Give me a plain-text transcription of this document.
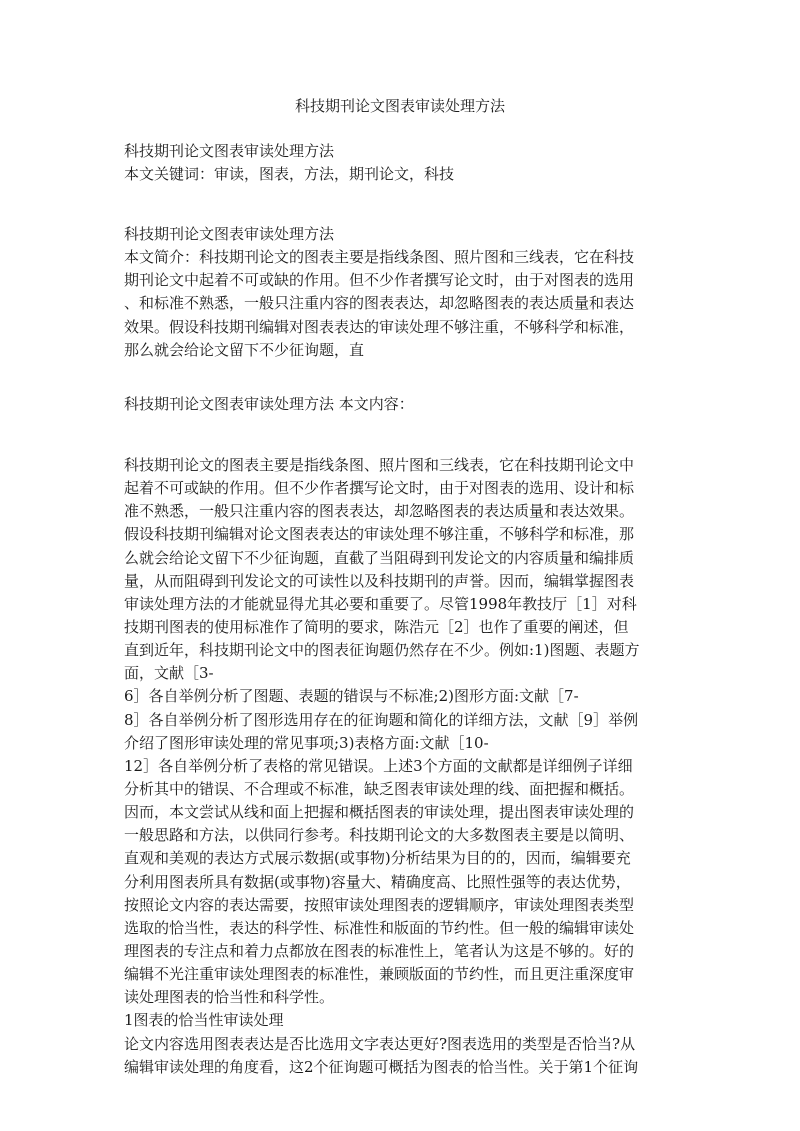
科技期刊论文图表审读处理方法
科技期刊论文图表审读处理方法
本文关键词：审读，图表，方法，期刊论文，科技
科技期刊论文图表审读处理方法
本文简介：科技期刊论文的图表主要是指线条图、照片图和三线表，它在科技
期刊论文中起着不可或缺的作用。但不少作者撰写论文时，由于对图表的选用
、和标准不熟悉，一般只注重内容的图表表达，却忽略图表的表达质量和表达
效果。假设科技期刊编辑对图表表达的审读处理不够注重，不够科学和标准，
那么就会给论文留下不少征询题，直
科技期刊论文图表审读处理方法 本文内容：
科技期刊论文的图表主要是指线条图、照片图和三线表，它在科技期刊论文中
起着不可或缺的作用。但不少作者撰写论文时，由于对图表的选用、设计和标
准不熟悉，一般只注重内容的图表表达，却忽略图表的表达质量和表达效果。
假设科技期刊编辑对论文图表表达的审读处理不够注重，不够科学和标准，那
么就会给论文留下不少征询题，直截了当阻碍到刊发论文的内容质量和编排质
量，从而阻碍到刊发论文的可读性以及科技期刊的声誉。因而，编辑掌握图表
审读处理方法的才能就显得尤其必要和重要了。尽管1998年教技厅［1］对科
技期刊图表的使用标准作了简明的要求，陈浩元［2］也作了重要的阐述，但
直到近年，科技期刊论文中的图表征询题仍然存在不少。例如:1)图题、表题方
面，文献［3-
6］各自举例分析了图题、表题的错误与不标准;2)图形方面:文献［7-
8］各自举例分析了图形选用存在的征询题和简化的详细方法，文献［9］举例
介绍了图形审读处理的常见事项;3)表格方面:文献［10-
12］各自举例分析了表格的常见错误。上述3个方面的文献都是详细例子详细
分析其中的错误、不合理或不标准，缺乏图表审读处理的线、面把握和概括。
因而，本文尝试从线和面上把握和概括图表的审读处理，提出图表审读处理的
一般思路和方法，以供同行参考。科技期刊论文的大多数图表主要是以简明、
直观和美观的表达方式展示数据(或事物)分析结果为目的的，因而，编辑要充
分利用图表所具有数据(或事物)容量大、精确度高、比照性强等的表达优势，
按照论文内容的表达需要，按照审读处理图表的逻辑顺序，审读处理图表类型
选取的恰当性，表达的科学性、标准性和版面的节约性。但一般的编辑审读处
理图表的专注点和着力点都放在图表的标准性上，笔者认为这是不够的。好的
编辑不光注重审读处理图表的标准性，兼顾版面的节约性，而且更注重深度审
读处理图表的恰当性和科学性。
1图表的恰当性审读处理
论文内容选用图表表达是否比选用文字表达更好?图表选用的类型是否恰当?从
编辑审读处理的角度看，这2个征询题可概括为图表的恰当性。关于第1个征询
